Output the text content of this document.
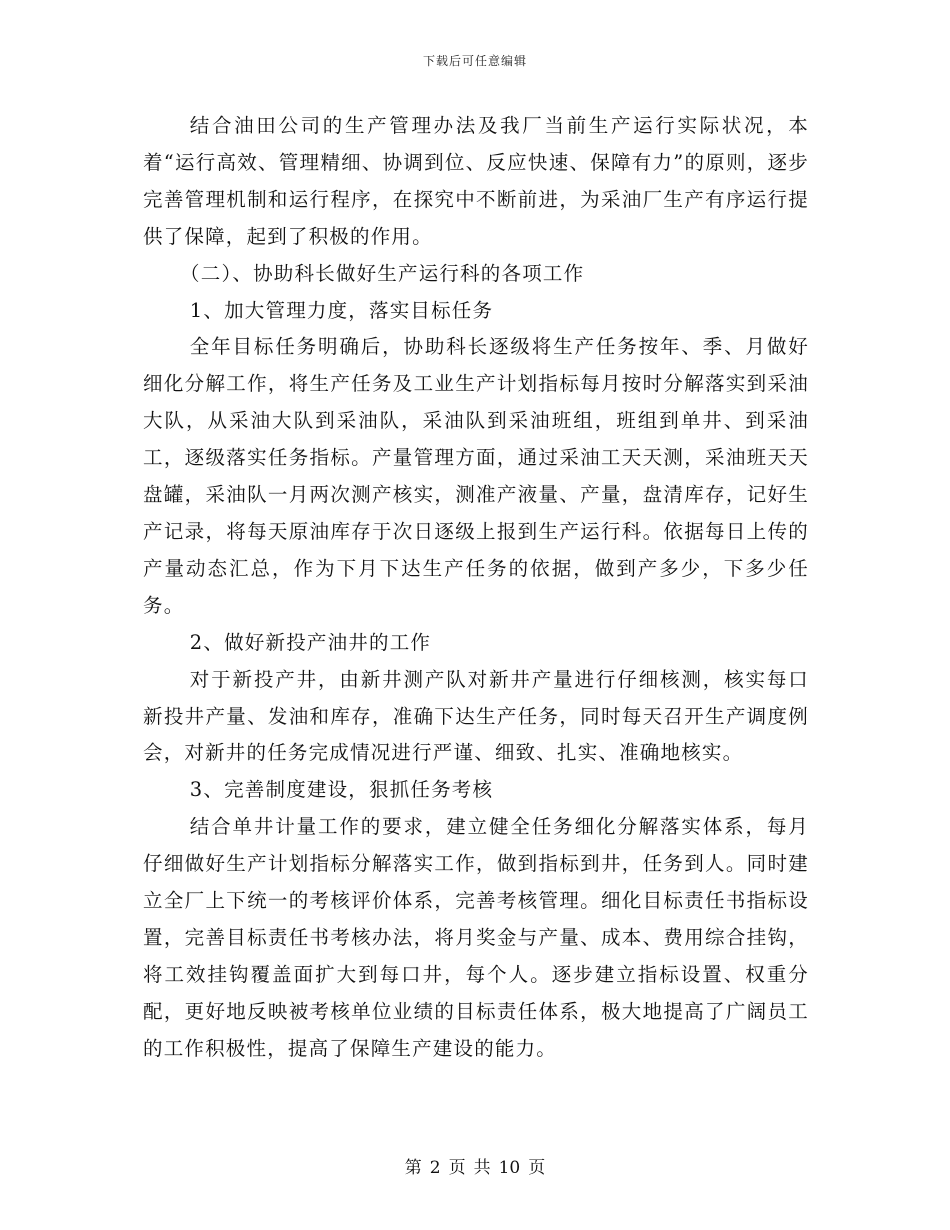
下载后可任意编辑

结合油田公司的生产管理办法及我厂当前生产运行实际状况，本着“运行高效、管理精细、协调到位、反应快速、保障有力”的原则，逐步完善管理机制和运行程序，在探究中不断前进，为采油厂生产有序运行提供了保障，起到了积极的作用。

（二）、协助科长做好生产运行科的各项工作

1、加大管理力度，落实目标任务

全年目标任务明确后，协助科长逐级将生产任务按年、季、月做好细化分解工作，将生产任务及工业生产计划指标每月按时分解落实到采油大队，从采油大队到采油队，采油队到采油班组，班组到单井、到采油工，逐级落实任务指标。产量管理方面，通过采油工天天测，采油班天天盘罐，采油队一月两次测产核实，测准产液量、产量，盘清库存，记好生产记录，将每天原油库存于次日逐级上报到生产运行科。依据每日上传的产量动态汇总，作为下月下达生产任务的依据，做到产多少，下多少任务。

2、做好新投产油井的工作

对于新投产井，由新井测产队对新井产量进行仔细核测，核实每口新投井产量、发油和库存，准确下达生产任务，同时每天召开生产调度例会，对新井的任务完成情况进行严谨、细致、扎实、准确地核实。

3、完善制度建设，狠抓任务考核

结合单井计量工作的要求，建立健全任务细化分解落实体系，每月仔细做好生产计划指标分解落实工作，做到指标到井，任务到人。同时建立全厂上下统一的考核评价体系，完善考核管理。细化目标责任书指标设置，完善目标责任书考核办法，将月奖金与产量、成本、费用综合挂钩，将工效挂钩覆盖面扩大到每口井，每个人。逐步建立指标设置、权重分配，更好地反映被考核单位业绩的目标责任体系，极大地提高了广阔员工的工作积极性，提高了保障生产建设的能力。

第 2 页 共 10 页
